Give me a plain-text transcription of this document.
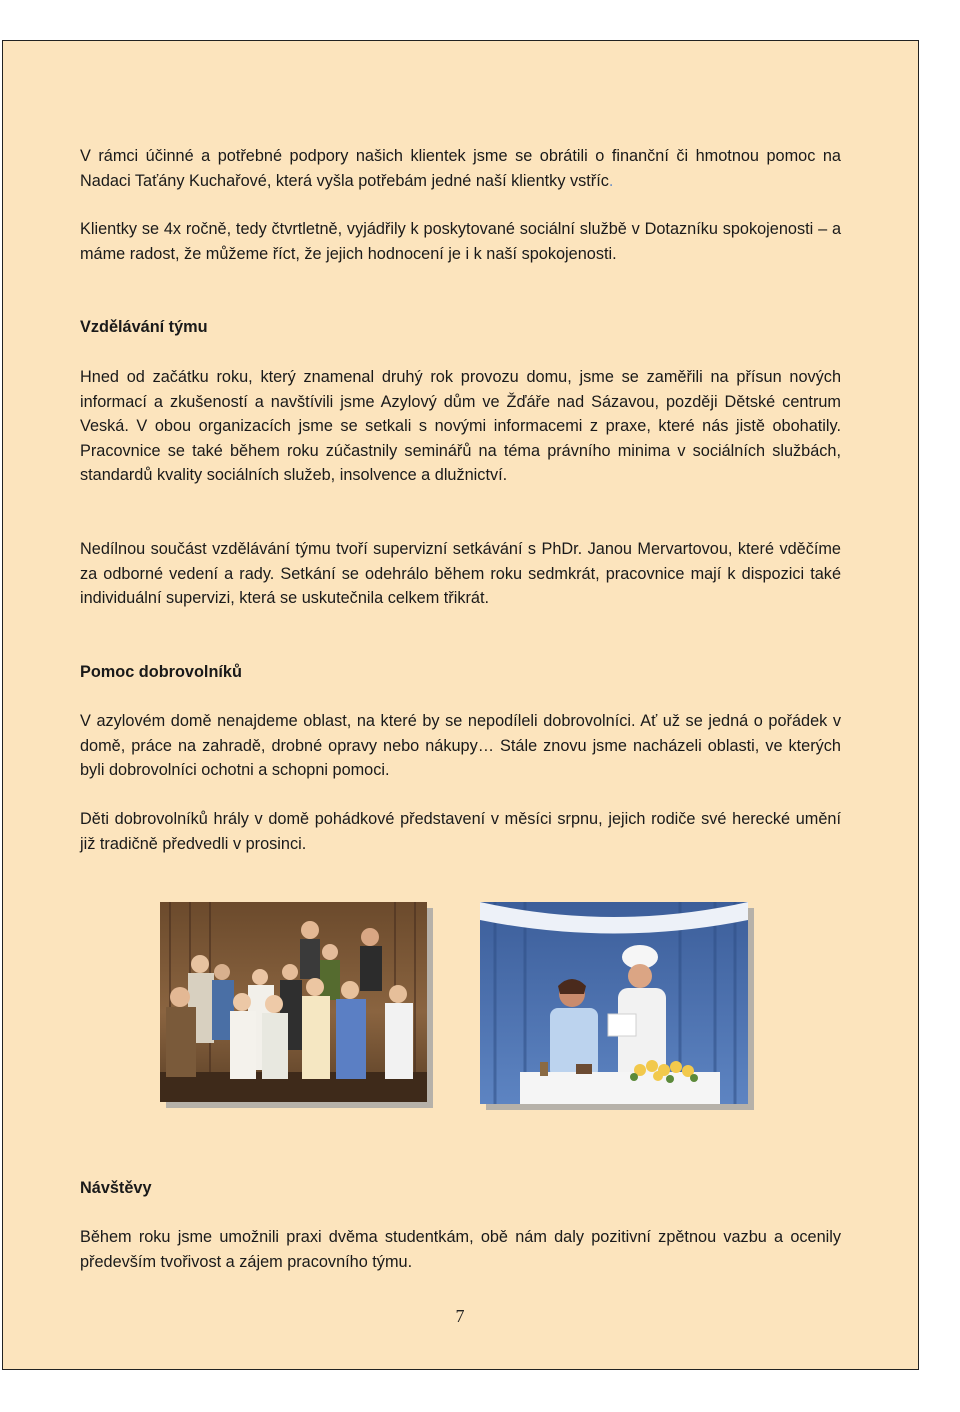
V rámci účinné a potřebné podpory našich klientek jsme se obrátili o finanční či hmotnou pomoc na Nadaci Taťány Kuchařové, která vyšla potřebám jedné naší klientky vstříc.

Klientky se 4x ročně, tedy čtvrtletně, vyjádřily k poskytované sociální službě v Dotazníku spokojenosti – a máme radost, že můžeme říct, že jejich hodnocení je i k naší spokojenosti.

Vzdělávání týmu

Hned od začátku roku, který znamenal druhý rok provozu domu, jsme se zaměřili na přísun nových informací a zkušeností a navštívili jsme Azylový dům ve Žďáře nad Sázavou, později Dětské centrum Veská. V obou organizacích jsme se setkali s novými informacemi z praxe, které nás jistě obohatily. Pracovnice se také během roku zúčastnily seminářů na téma právního minima v sociálních službách, standardů kvality sociálních služeb, insolvence a dlužnictví.

Nedílnou součást vzdělávání týmu tvoří supervizní setkávání s PhDr. Janou Mervartovou, které vděčíme za odborné vedení a rady. Setkání se odehrálo během roku sedmkrát, pracovnice mají k dispozici také individuální supervizi, která se uskutečnila celkem třikrát.

Pomoc dobrovolníků

V azylovém domě nenajdeme oblast, na které by se nepodíleli dobrovolníci. Ať už se jedná o pořádek v domě, práce na zahradě, drobné opravy nebo nákupy… Stále znovu jsme nacházeli oblasti, ve kterých byli dobrovolníci ochotni a schopni pomoci.

Děti dobrovolníků hrály v domě pohádkové představení v měsíci srpnu, jejich rodiče své herecké umění již tradičně předvedli v prosinci.

Návštěvy

Během roku jsme umožnili praxi dvěma studentkám, obě nám daly pozitivní zpětnou vazbu a ocenily především tvořivost a zájem pracovního týmu.

7
